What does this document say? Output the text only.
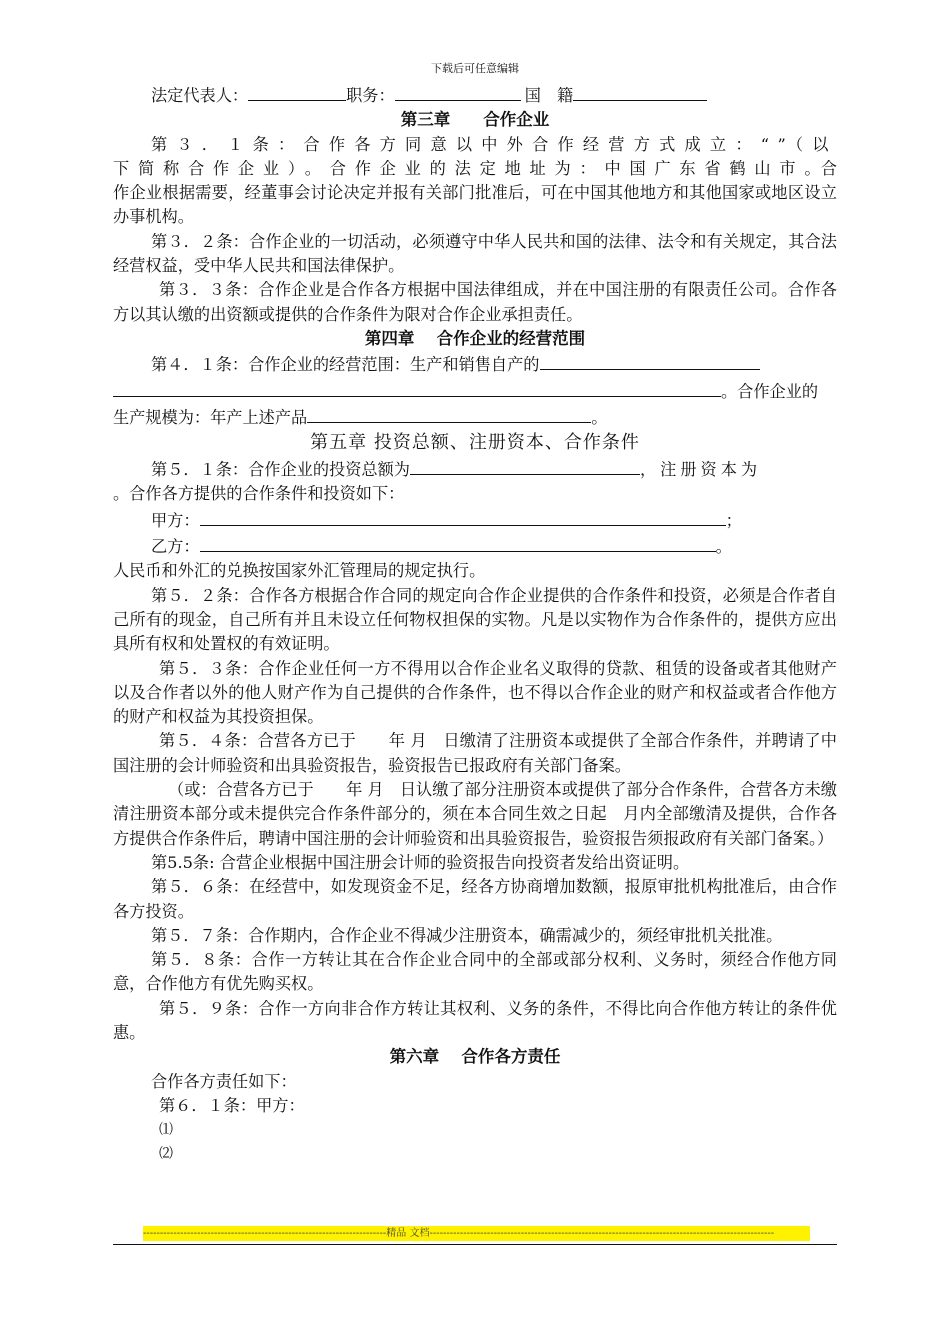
下载后可任意编辑

法定代表人：	职务：	国　籍

第三章　　合作企业

第３．１条：合作各方同意以中外合作经营方式成立：“”（以下简称合作企业）。合作企业的法定地址为：中国广东省鹤山市。合作企业根据需要，经董事会讨论决定并报有关部门批准后，可在中国其他地方和其他国家或地区设立办事机构。

第３．２条：合作企业的一切活动，必须遵守中华人民共和国的法律、法令和有关规定，其合法经营权益，受中华人民共和国法律保护。

第３．３条：合作企业是合作各方根据中国法律组成，并在中国注册的有限责任公司。合作各方以其认缴的出资额或提供的合作条件为限对合作企业承担责任。

第四章　 合作企业的经营范围

第４．１条：合作企业的经营范围：生产和销售自产的

。合作企业的

生产规模为：年产上述产品	。

第五章 投资总额、注册资本、合作条件

第５．１条：合作企业的投资总额为	，注册资本为

。合作各方提供的合作条件和投资如下：

甲方：	；

乙方：	。

人民币和外汇的兑换按国家外汇管理局的规定执行。

第５．２条：合作各方根据合作合同的规定向合作企业提供的合作条件和投资，必须是合作者自己所有的现金，自己所有并且未设立任何物权担保的实物。凡是以实物作为合作条件的，提供方应出具所有权和处置权的有效证明。

第５．３条：合作企业任何一方不得用以合作企业名义取得的贷款、租赁的设备或者其他财产以及合作者以外的他人财产作为自己提供的合作条件，也不得以合作企业的财产和权益或者合作他方的财产和权益为其投资担保。

第５．４条：合营各方已于　　年 月　日缴清了注册资本或提供了全部合作条件，并聘请了中国注册的会计师验资和出具验资报告，验资报告已报政府有关部门备案。

（或：合营各方已于　　年 月　日认缴了部分注册资本或提供了部分合作条件，合营各方未缴清注册资本部分或未提供完合作条件部分的，须在本合同生效之日起　月内全部缴清及提供，合作各方提供合作条件后，聘请中国注册的会计师验资和出具验资报告，验资报告须报政府有关部门备案。）

第5.5条: 合营企业根据中国注册会计师的验资报告向投资者发给出资证明。

第５．６条：在经营中，如发现资金不足，经各方协商增加数额，报原审批机构批准后，由合作各方投资。

第５．７条：合作期内，合作企业不得减少注册资本，确需减少的，须经审批机关批准。

第５．８条：合作一方转让其在合作企业合同中的全部或部分权利、义务时，须经合作他方同意，合作他方有优先购买权。

第５．９条：合作一方向非合作方转让其权利、义务的条件，不得比向合作他方转让的条件优惠。

第六章　 合作各方责任

合作各方责任如下：

第６．１条：甲方：

⑴

⑵

------------------------------------------------------------------------精品 文档------------------------------------------------------------------------------------------------------
